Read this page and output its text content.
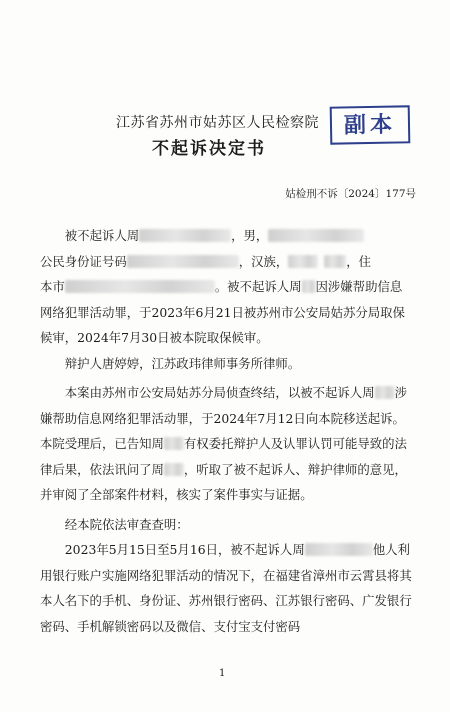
江苏省苏州市姑苏区人民检察院
不起诉决定书
副本
姑检刑不诉〔2024〕177号

被不起诉人周	，男，
公民身份证号码	，汉族，	，住
本市	。被不起诉人周 因涉嫌帮助信息网络犯罪活动罪，于2023年6月21日被苏州市公安局姑苏分局取保候审，2024年7月30日被本院取保候审。

辩护人唐婷婷，江苏政玮律师事务所律师。

本案由苏州市公安局姑苏分局侦查终结，以被不起诉人周 涉嫌帮助信息网络犯罪活动罪，于2024年7月12日向本院移送起诉。本院受理后，已告知周 有权委托辩护人及认罪认罚可能导致的法律后果，依法讯问了周 ，听取了被不起诉人、辩护律师的意见，并审阅了全部案件材料，核实了案件事实与证据。

经本院依法审查查明：

2023年5月15日至5月16日，被不起诉人周	他人利用银行账户实施网络犯罪活动的情况下，在福建省漳州市云霄县将其本人名下的手机、身份证、苏州银行密码、江苏银行密码、广发银行密码、手机解锁密码以及微信、支付宝支付密码

1
